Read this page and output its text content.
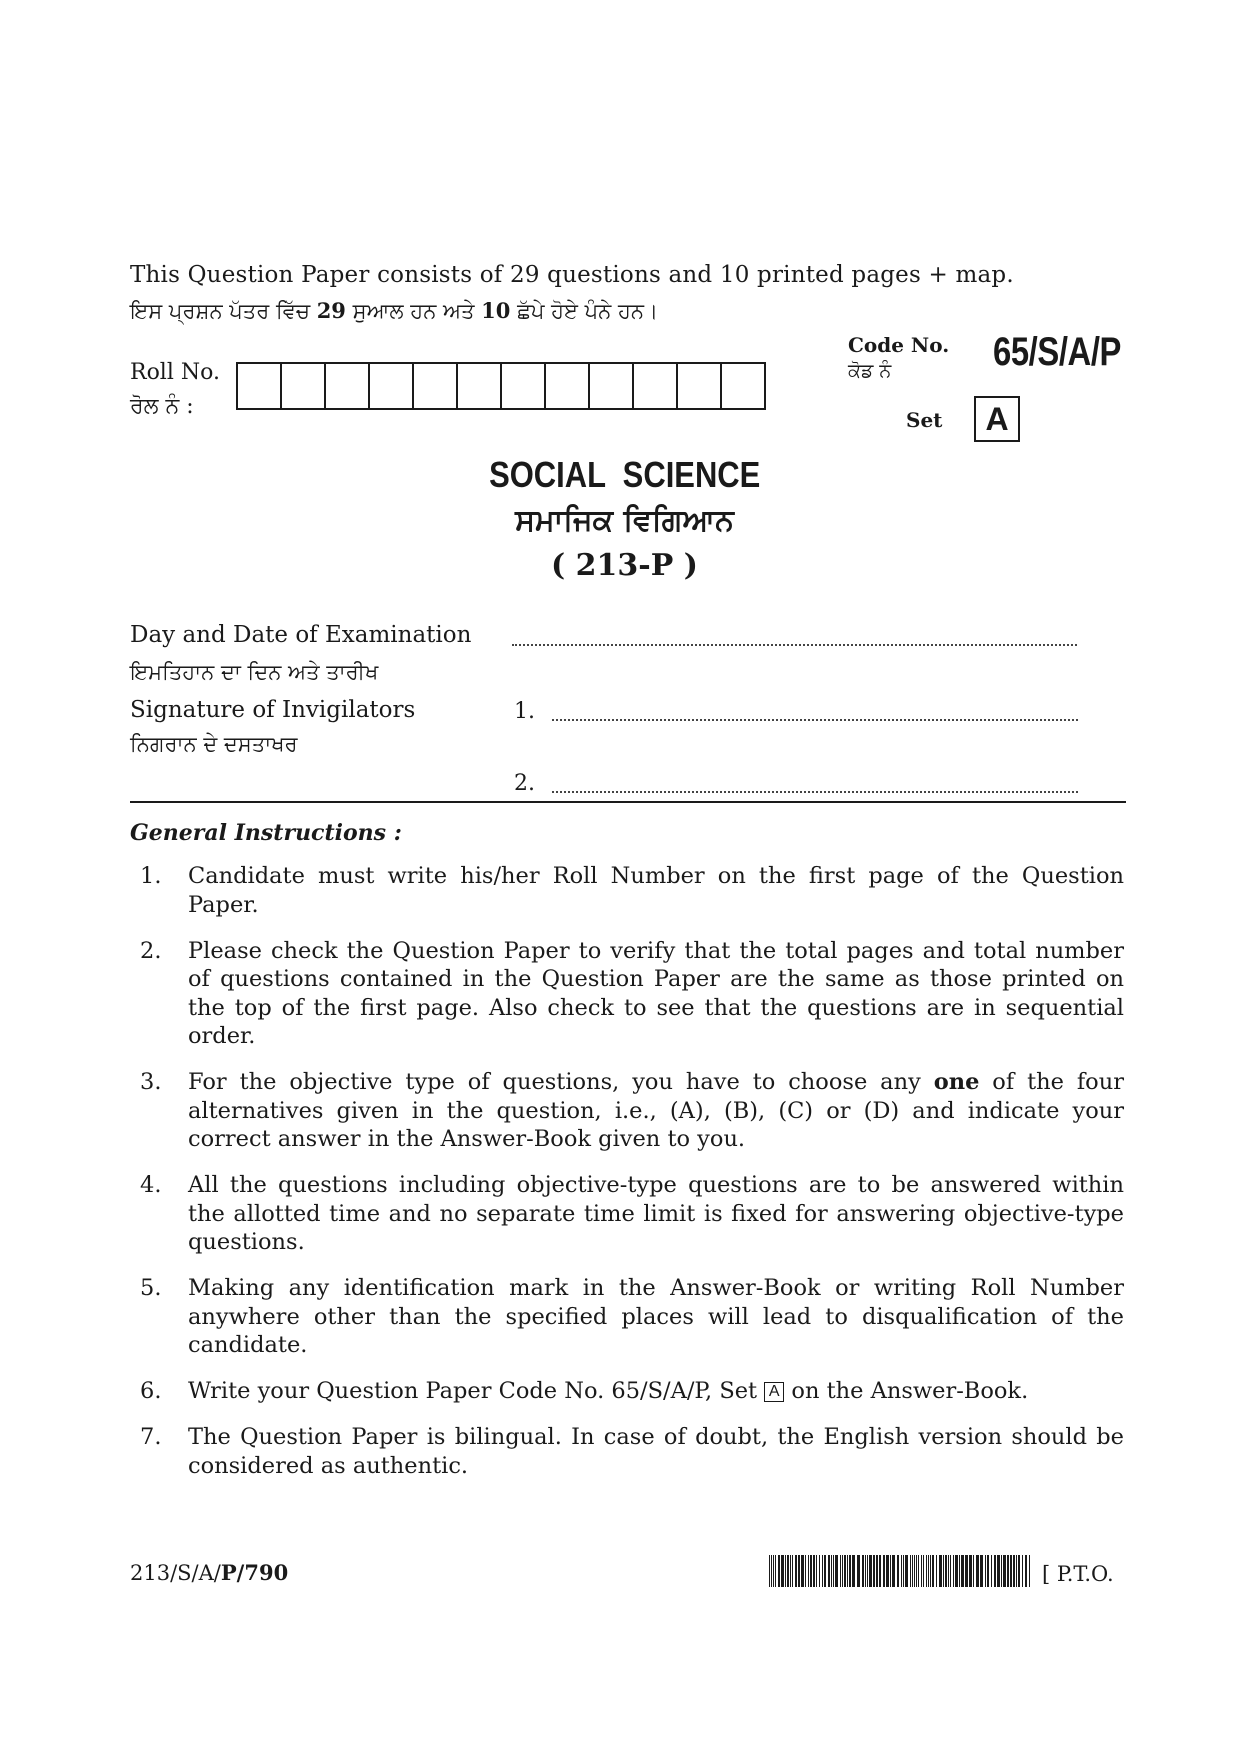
This Question Paper consists of 29 questions and 10 printed pages + map.
ਇਸ ਪ੍ਰਸ਼ਨ ਪੱਤਰ ਵਿੱਚ 29 ਸੁਆਲ ਹਨ ਅਤੇ 10 ਛੱਪੇ ਹੋਏ ਪੰਨੇ ਹਨ।
Roll No.
ਰੋਲ ਨੰ :
Code No.
ਕੋਡ ਨੰ	65/S/A/P
Set	A
SOCIAL  SCIENCE
ਸਮਾਜਿਕ ਵਿਗਿਆਨ
( 213-P )
Day and Date of Examination
ਇਮਤਿਹਾਨ ਦਾ ਦਿਨ ਅਤੇ ਤਾਰੀਖ
Signature of Invigilators	1.
ਨਿਗਰਾਨ ਦੇ ਦਸਤਾਖਰ
2.
General Instructions :
1.	Candidate must write his/her Roll Number on the first page of the Question Paper.
2.	Please check the Question Paper to verify that the total pages and total number of questions contained in the Question Paper are the same as those printed on the top of the first page. Also check to see that the questions are in sequential order.
3.	For the objective type of questions, you have to choose any one of the four alternatives given in the question, i.e., (A), (B), (C) or (D) and indicate your correct answer in the Answer-Book given to you.
4.	All the questions including objective-type questions are to be answered within the allotted time and no separate time limit is fixed for answering objective-type questions.
5.	Making any identification mark in the Answer-Book or writing Roll Number anywhere other than the specified places will lead to disqualification of the candidate.
6.	Write your Question Paper Code No. 65/S/A/P, Set A on the Answer-Book.
7.	The Question Paper is bilingual. In case of doubt, the English version should be considered as authentic.
213/S/A/P/790	[ P.T.O.
